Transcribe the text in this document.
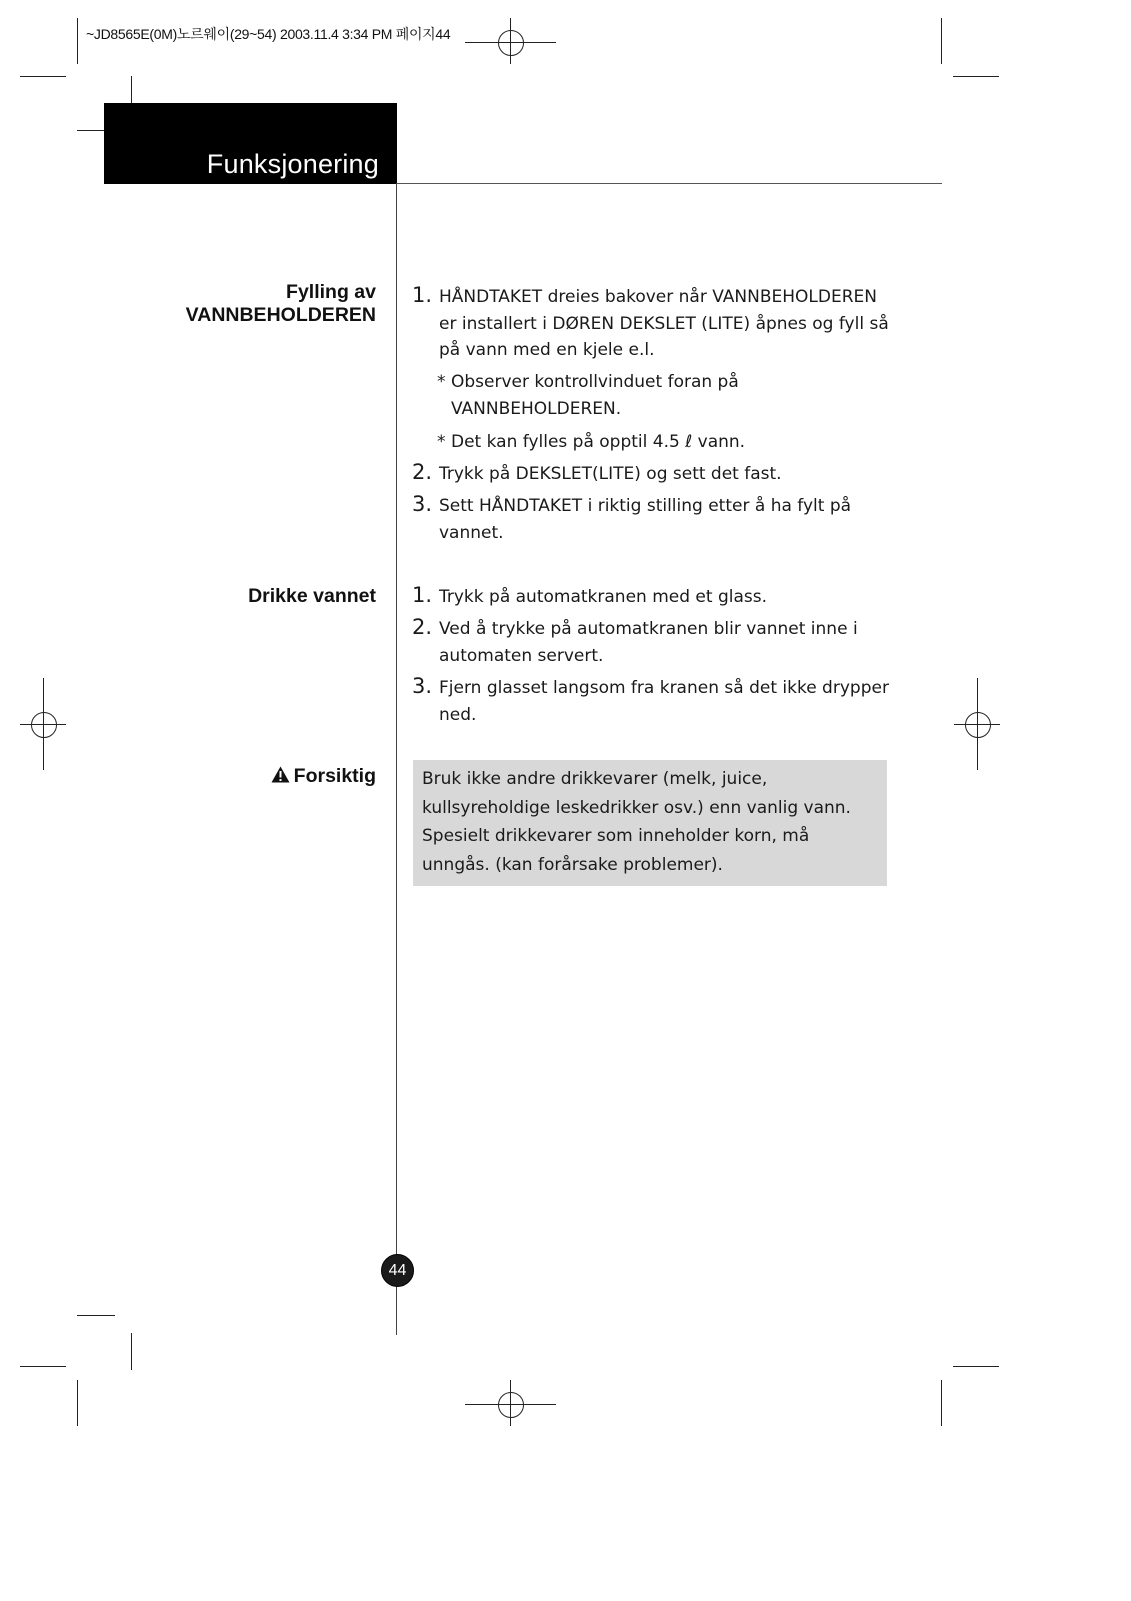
~JD8565E(0M)노르웨이(29~54) 2003.11.4 3:34 PM 페이지44
Funksjonering
Fylling av
VANNBEHOLDEREN
1. HÅNDTAKET dreies bakover når VANNBEHOLDEREN er installert i DØREN DEKSLET (LITE) åpnes og fyll så på vann med en kjele e.l.
* Observer kontrollvinduet foran på VANNBEHOLDEREN.
* Det kan fylles på opptil 4.5 ℓ vann.
2. Trykk på DEKSLET(LITE) og sett det fast.
3. Sett HÅNDTAKET i riktig stilling etter å ha fylt på vannet.
Drikke vannet 1. Trykk på automatkranen med et glass.
2. Ved å trykke på automatkranen blir vannet inne i automaten servert.
3. Fjern glasset langsom fra kranen så det ikke drypper ned.
Forsiktig	Bruk ikke andre drikkevarer (melk, juice, kullsyreholdige leskedrikker osv.) enn vanlig vann. Spesielt drikkevarer som inneholder korn, må unngås. (kan forårsake problemer).
44
